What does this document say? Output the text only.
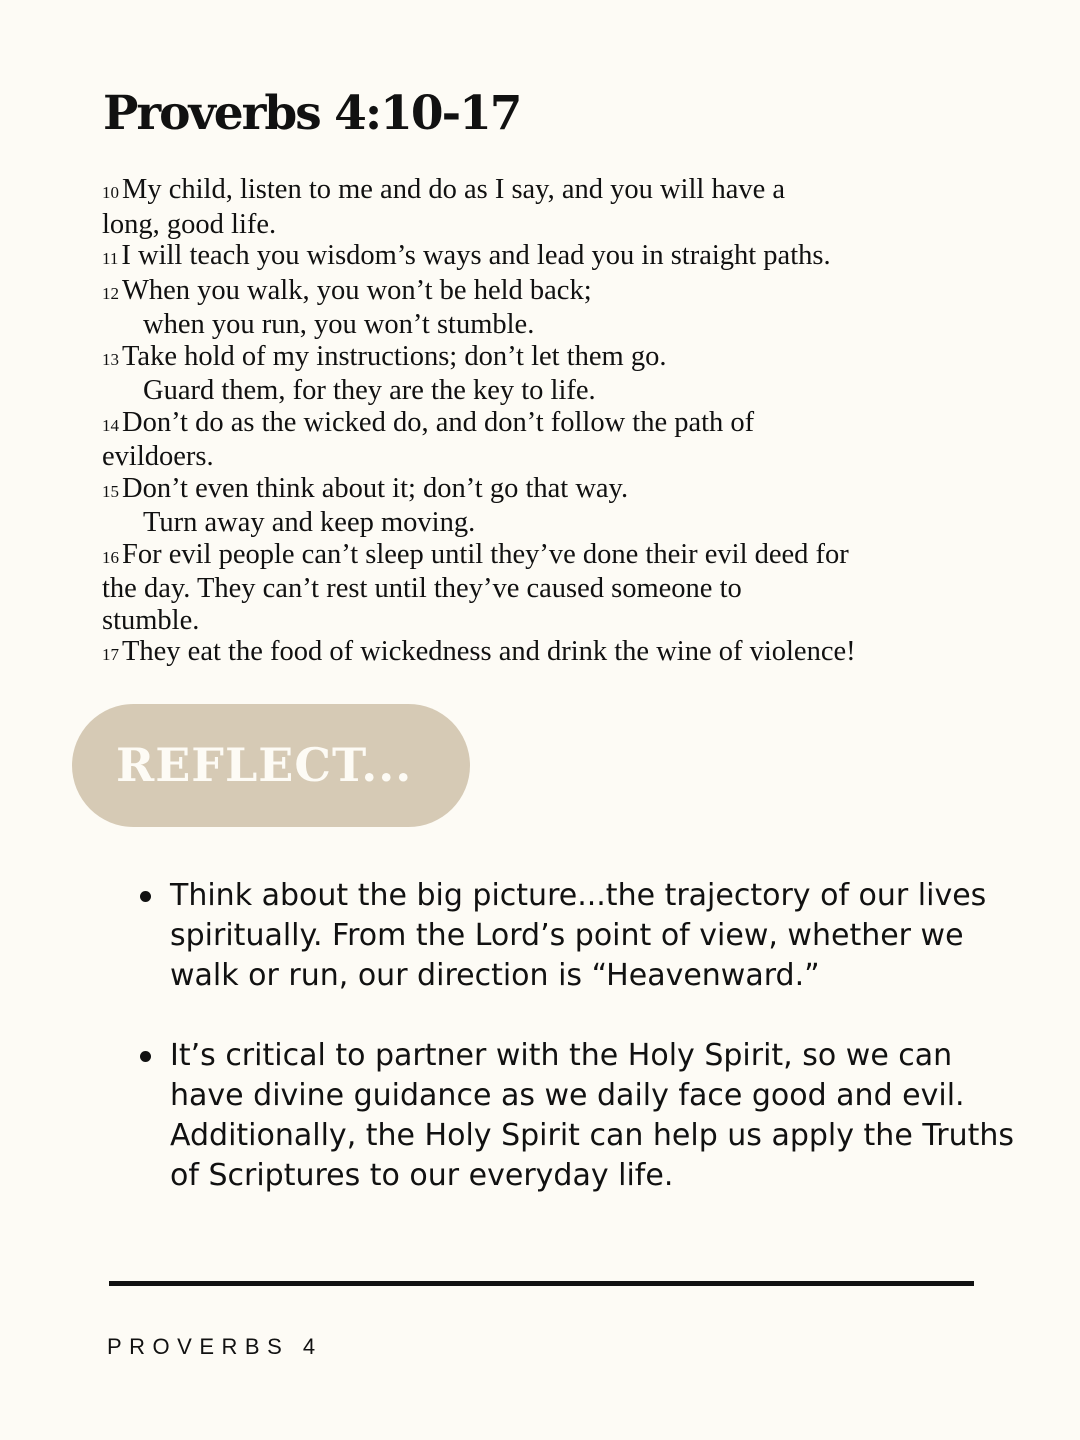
Proverbs 4:10-17
10 My child, listen to me and do as I say, and you will have a
long, good life.
11 I will teach you wisdom’s ways and lead you in straight paths.
12 When you walk, you won’t be held back;
when you run, you won’t stumble.
13 Take hold of my instructions; don’t let them go.
Guard them, for they are the key to life.
14 Don’t do as the wicked do, and don’t follow the path of
evildoers.
15 Don’t even think about it; don’t go that way.
Turn away and keep moving.
16 For evil people can’t sleep until they’ve done their evil deed for
the day. They can’t rest until they’ve caused someone to
stumble.
17 They eat the food of wickedness and drink the wine of violence!
REFLECT...
Think about the big picture...the trajectory of our lives spiritually. From the Lord’s point of view, whether we walk or run, our direction is “Heavenward.”
It’s critical to partner with the Holy Spirit, so we can have divine guidance as we daily face good and evil. Additionally, the Holy Spirit can help us apply the Truths of Scriptures to our everyday life.
PROVERBS 4
